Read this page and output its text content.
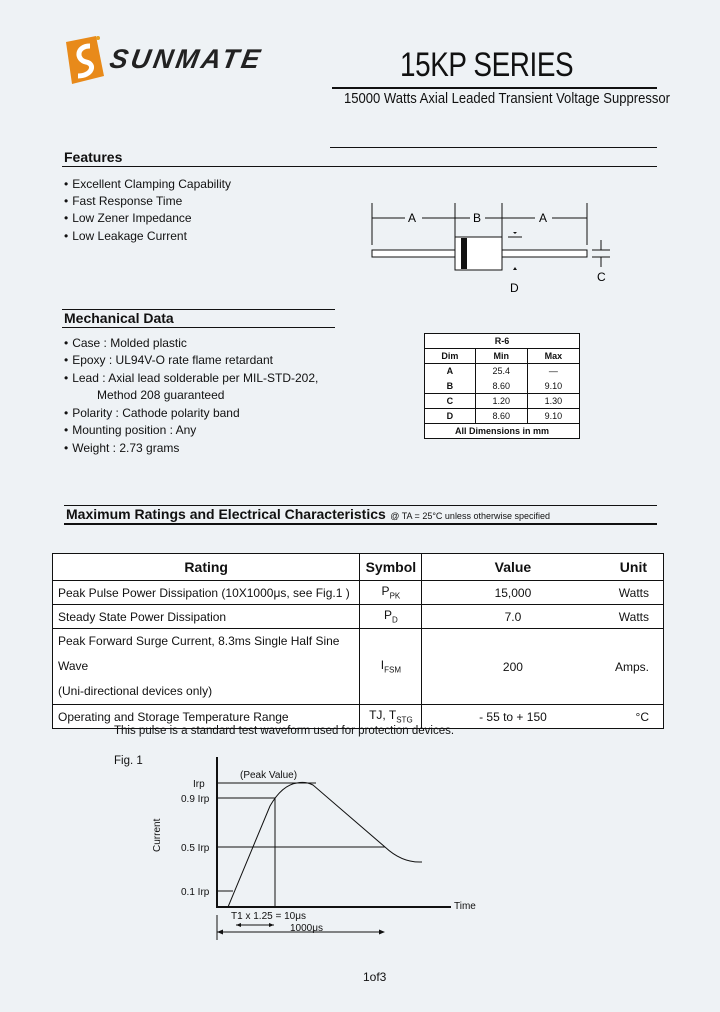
SUNMATE	15KP SERIES
15000 Watts Axial Leaded Transient Voltage Suppressor
Features
• Excellent Clamping Capability
• Fast Response Time
• Low Zener Impedance
• Low Leakage Current
A	B	A
C
D
Mechanical Data
• Case : Molded plastic
• Epoxy : UL94V-O rate flame retardant
• Lead : Axial lead solderable per MIL-STD-202,
Method 208 guaranteed
• Polarity : Cathode polarity band
• Mounting position : Any
• Weight : 2.73 grams
R-6		
Dim	Min	Max
A	25.4	—
B	8.60	9.10
C	1.20	1.30
D	8.60	9.10
All Dimensions in mm		
Maximum Ratings and Electrical Characteristics @ TA = 25°C unless otherwise specified
Rating	Symbol	Value	Unit
Peak Pulse Power Dissipation (10X1000μs, see Fig.1 )	$P_{PK}$	15,000	Watts
Steady State Power Dissipation	$P_D$	7.0	Watts

Peak Forward Surge Current, 8.3ms Single Half Sine Wave
(Uni-directional devices only)	$I_{FSM}$	200	Amps.
Operating and Storage Temperature Range	TJ, $T_{STG}$	- 55 to + 150	°C
This pulse is a standard test waveform used for protection devices.
Fig. 1
(Peak Value)
Irp
0.9 Irp
0.5 Irp
0.1 Irp
Current
Time
T1 x 1.25 = 10μs
1000μs
1of3
